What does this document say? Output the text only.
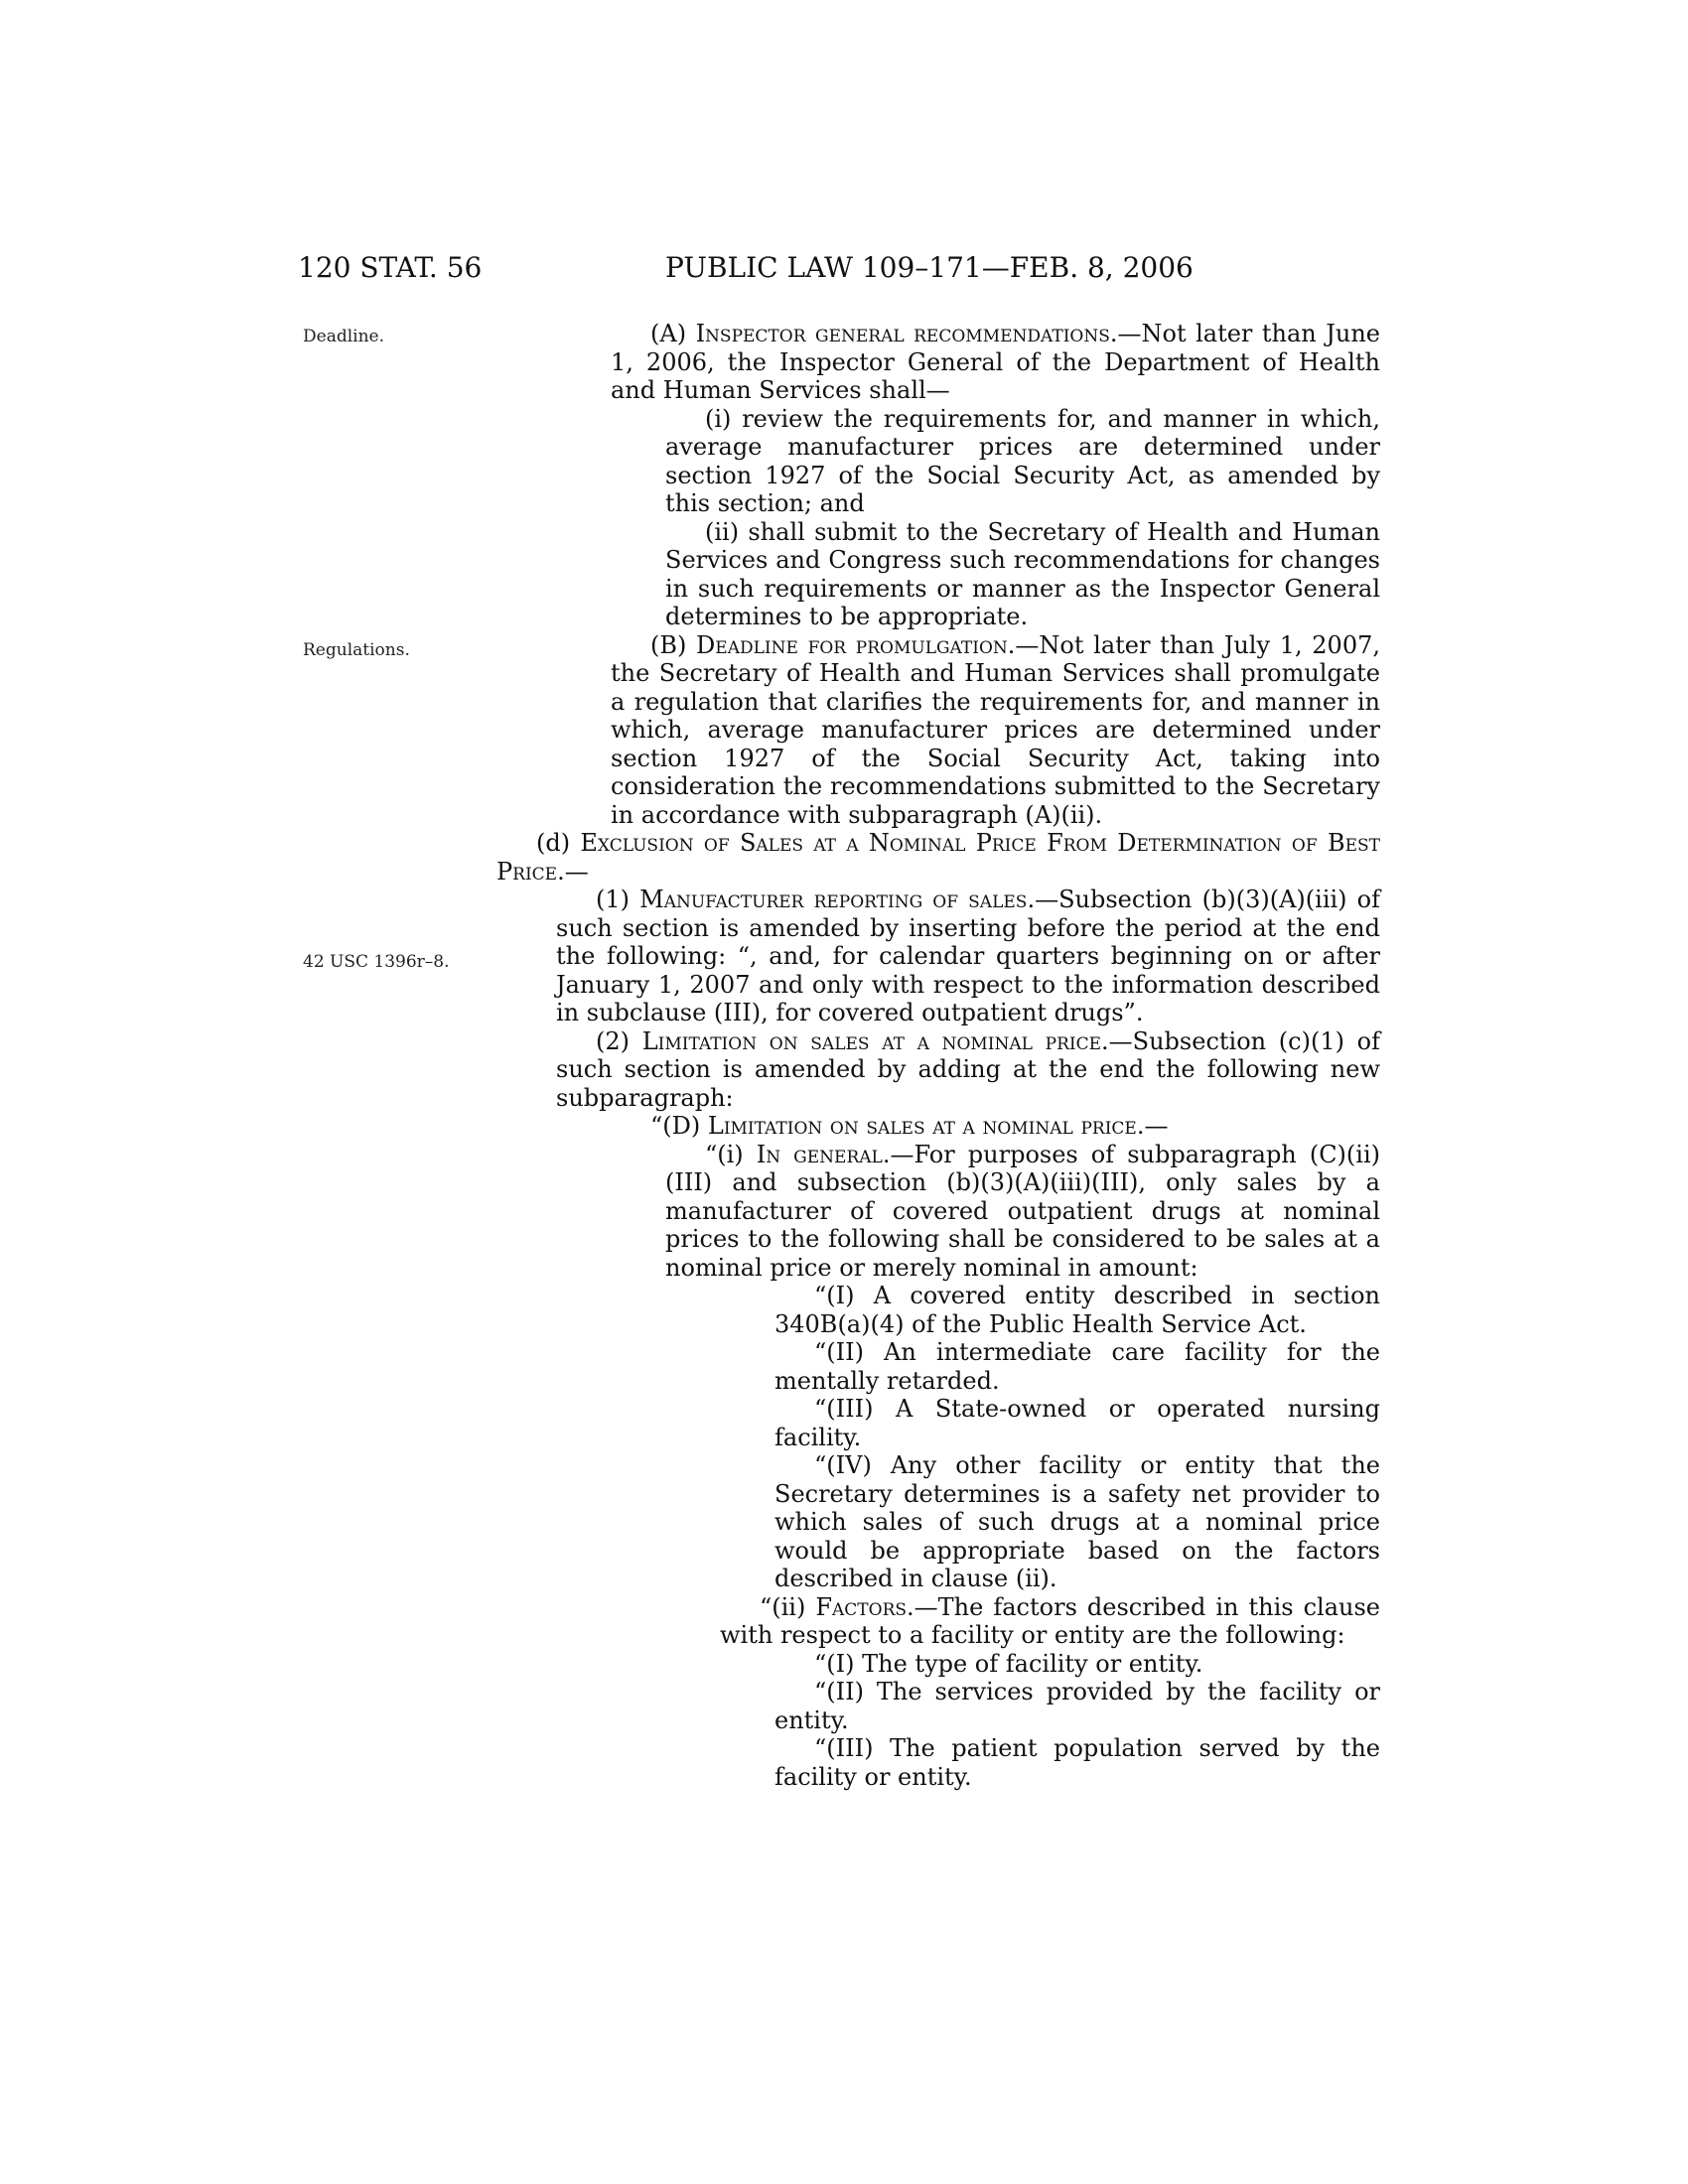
120 STAT. 56	PUBLIC LAW 109–171—FEB. 8, 2006
Deadline.
Regulations.
42 USC 1396r–8.

(A) Inspector general recommendations.—Not later than June 1, 2006, the Inspector General of the Department of Health and Human Services shall—

(i) review the requirements for, and manner in which, average manufacturer prices are determined under section 1927 of the Social Security Act, as amended by this section; and

(ii) shall submit to the Secretary of Health and Human Services and Congress such recommendations for changes in such requirements or manner as the Inspector General determines to be appropriate.

(B) Deadline for promulgation.—Not later than July 1, 2007, the Secretary of Health and Human Services shall promulgate a regulation that clarifies the requirements for, and manner in which, average manufacturer prices are determined under section 1927 of the Social Security Act, taking into consideration the recommendations submitted to the Secretary in accordance with subparagraph (A)(ii).

(d) Exclusion of Sales at a Nominal Price From Determination of Best Price.—

(1) Manufacturer reporting of sales.—Subsection (b)(3)(A)(iii) of such section is amended by inserting before the period at the end the following: “, and, for calendar quarters beginning on or after January 1, 2007 and only with respect to the information described in subclause (III), for covered outpatient drugs”.

(2) Limitation on sales at a nominal price.—Subsection (c)(1) of such section is amended by adding at the end the following new subparagraph:

“(D) Limitation on sales at a nominal price.—

“(i) In general.—For purposes of subparagraph (C)(ii)(III) and subsection (b)(3)(A)(iii)(III), only sales by a manufacturer of covered outpatient drugs at nominal prices to the following shall be considered to be sales at a nominal price or merely nominal in amount:

“(I) A covered entity described in section 340B(a)(4) of the Public Health Service Act.

“(II) An intermediate care facility for the mentally retarded.

“(III) A State-owned or operated nursing facility.

“(IV) Any other facility or entity that the Secretary determines is a safety net provider to which sales of such drugs at a nominal price would be appropriate based on the factors described in clause (ii).

“(ii) Factors.—The factors described in this clause with respect to a facility or entity are the following:

“(I) The type of facility or entity.

“(II) The services provided by the facility or entity.

“(III) The patient population served by the facility or entity.
